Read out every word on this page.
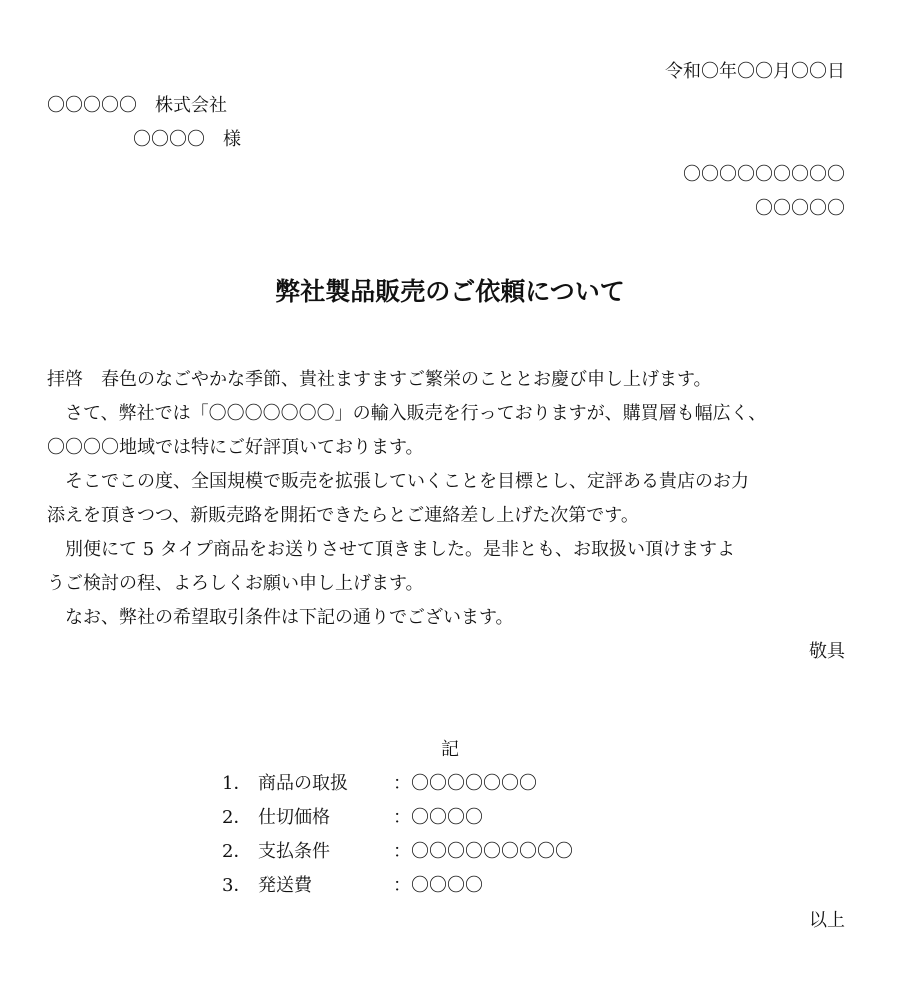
令和〇年〇〇月〇〇日
〇〇〇〇〇　株式会社
〇〇〇〇　様
〇〇〇〇〇〇〇〇〇
〇〇〇〇〇
弊社製品販売のご依頼について
拝啓　春色のなごやかな季節、貴社ますますご繁栄のこととお慶び申し上げます。
　さて、弊社では「〇〇〇〇〇〇〇」の輸入販売を行っておりますが、購買層も幅広く、
〇〇〇〇地域では特にご好評頂いております。
　そこでこの度、全国規模で販売を拡張していくことを目標とし、定評ある貴店のお力
添えを頂きつつ、新販売路を開拓できたらとご連絡差し上げた次第です。
　別便にて 5 タイプ商品をお送りさせて頂きました。是非とも、お取扱い頂けますよ
うご検討の程、よろしくお願い申し上げます。
　なお、弊社の希望取引条件は下記の通りでございます。
敬具
記
1． 商品の取扱	：〇〇〇〇〇〇〇
2． 仕切価格	：〇〇〇〇
2． 支払条件	：〇〇〇〇〇〇〇〇〇
3． 発送費	：〇〇〇〇
以上
